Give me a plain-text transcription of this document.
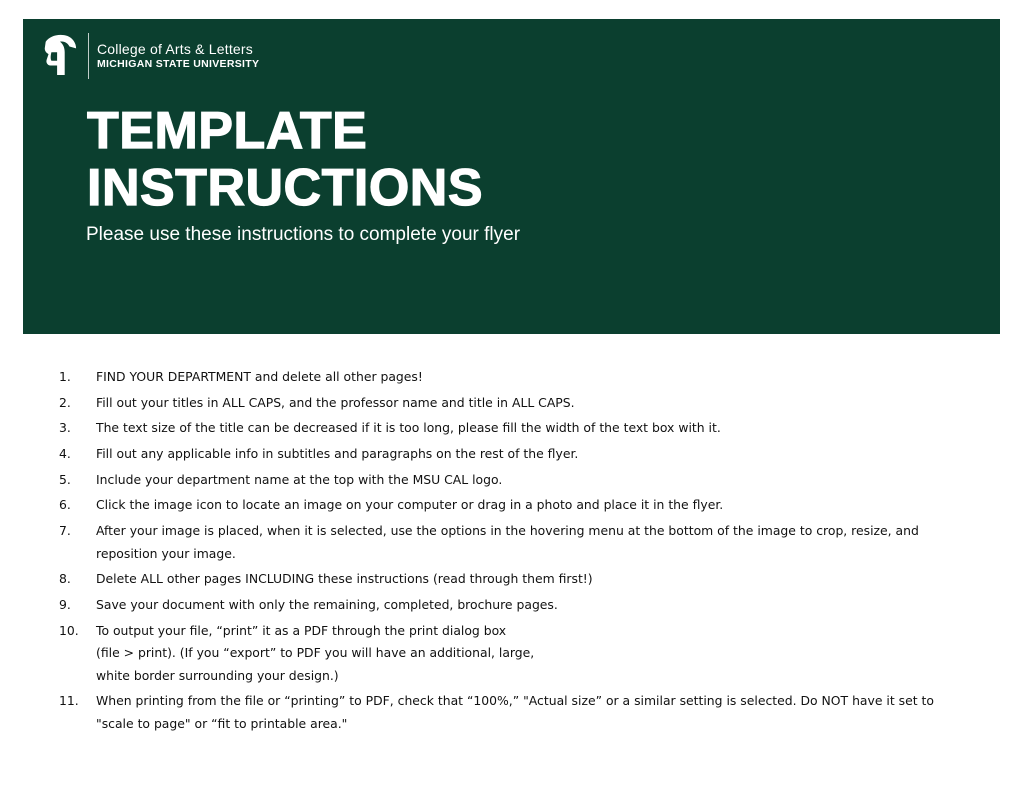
College of Arts & Letters
MICHIGAN STATE UNIVERSITY
TEMPLATE
INSTRUCTIONS
Please use these instructions to complete your flyer
1.	FIND YOUR DEPARTMENT and delete all other pages!
2.	Fill out your titles in ALL CAPS, and the professor name and title in ALL CAPS.
3.	The text size of the title can be decreased if it is too long, please fill the width of the text box with it.
4.	Fill out any applicable info in subtitles and paragraphs on the rest of the flyer.
5.	Include your department name at the top with the MSU CAL logo.
6.	Click the image icon to locate an image on your computer or drag in a photo and place it in the flyer.
7.	After your image is placed, when it is selected, use the options in the hovering menu at the bottom of the image to crop, resize, and
reposition your image.
8.	Delete ALL other pages INCLUDING these instructions (read through them first!)
9.	Save your document with only the remaining, completed, brochure pages.
10.	To output your file, “print” it as a PDF through the print dialog box
(file > print). (If you “export” to PDF you will have an additional, large,
white border surrounding your design.)
11.	When printing from the file or “printing” to PDF, check that “100%,” "Actual size” or a similar setting is selected. Do NOT have it set to
"scale to page" or “fit to printable area."
